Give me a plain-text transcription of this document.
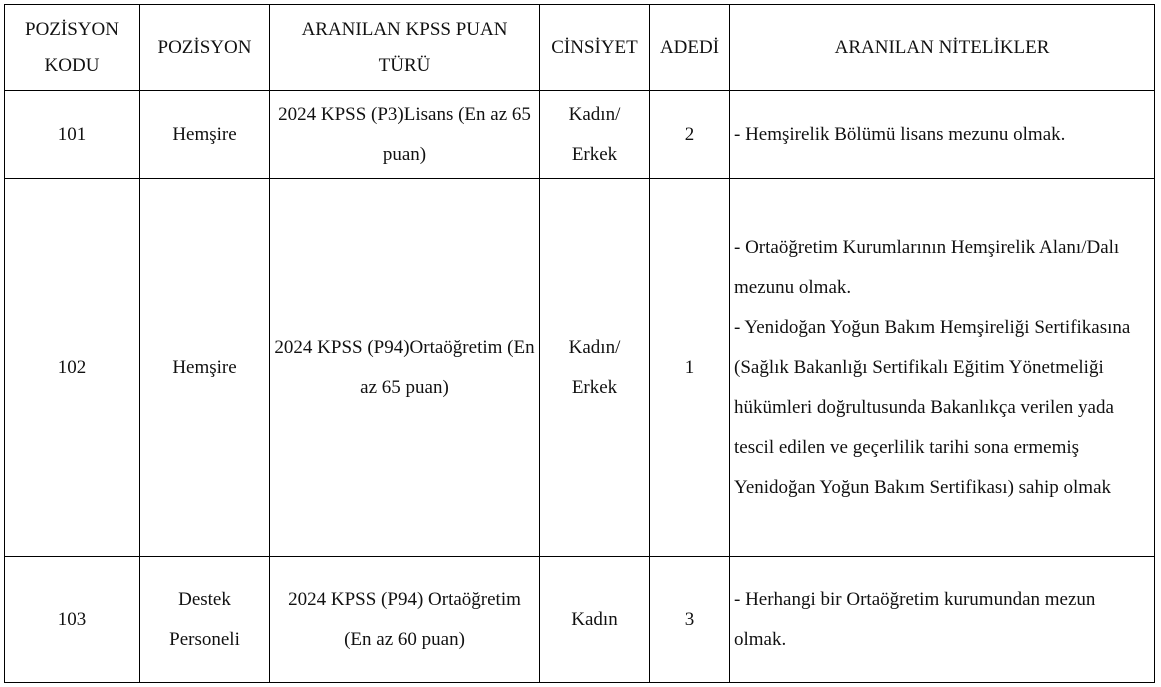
POZİSYON KODU	POZİSYON	ARANILAN KPSS PUAN TÜRÜ	CİNSİYET	ADEDİ	ARANILAN NİTELİKLER
101	Hemşire	2024 KPSS (P3)Lisans (En az 65 puan)	Kadın/ Erkek	2	- Hemşirelik Bölümü lisans mezunu olmak.
102	Hemşire	2024 KPSS (P94)Ortaöğretim (En az 65 puan)	Kadın/ Erkek	1	- Ortaöğretim Kurumlarının Hemşirelik Alanı/Dalı mezunu olmak.
- Yenidoğan Yoğun Bakım Hemşireliği Sertifikasına (Sağlık Bakanlığı Sertifikalı Eğitim Yönetmeliği hükümleri doğrultusunda Bakanlıkça verilen yada tescil edilen ve geçerlilik tarihi sona ermemiş Yenidoğan Yoğun Bakım Sertifikası) sahip olmak
103	Destek Personeli	2024 KPSS (P94) Ortaöğretim (En az 60 puan)	Kadın	3	- Herhangi bir Ortaöğretim kurumundan mezun olmak.
